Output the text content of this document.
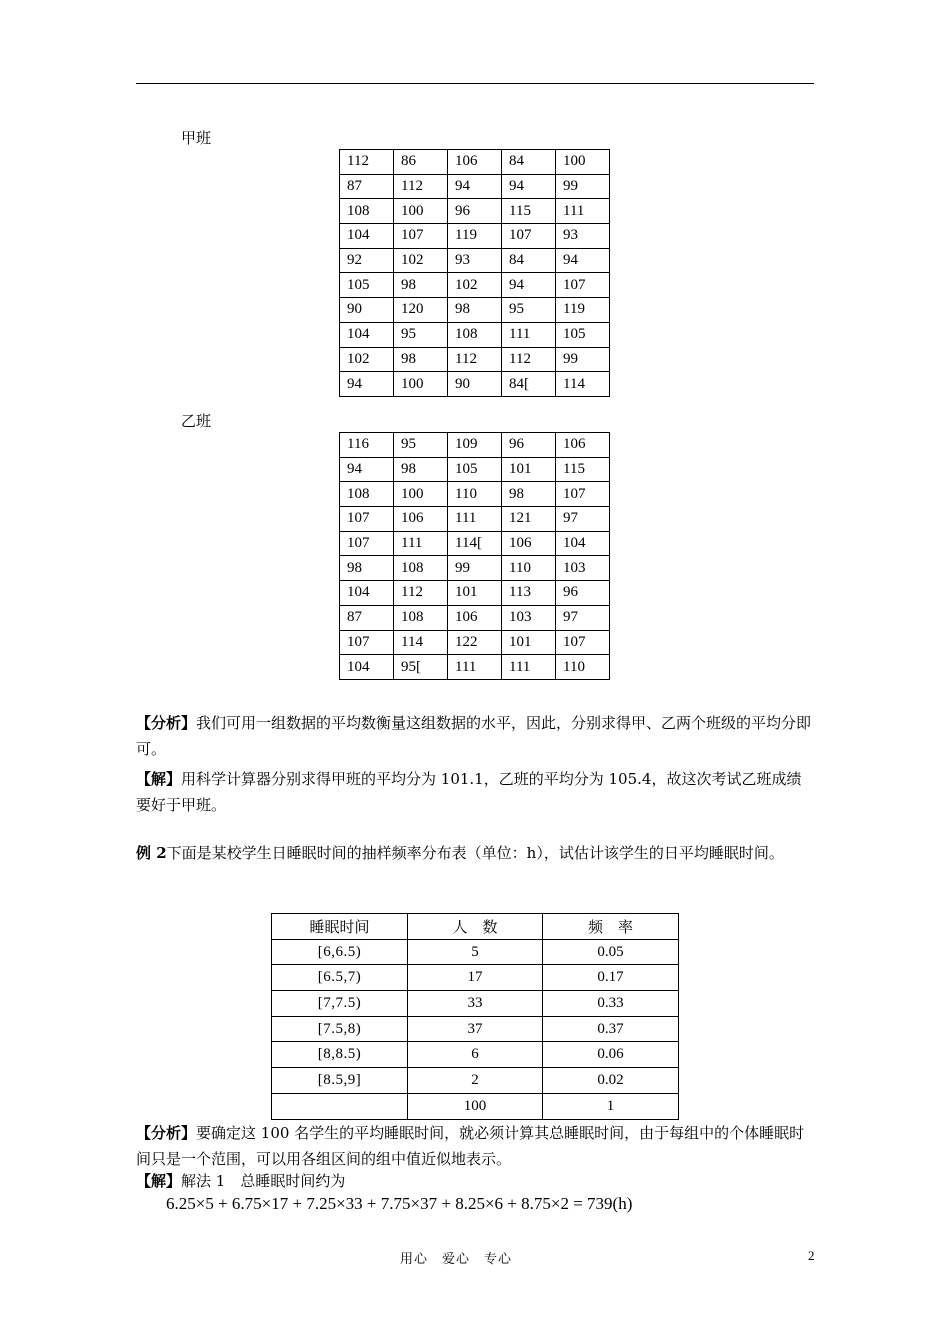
甲班
112	86	106	84	100
87	112	94	94	99
108	100	96	115	111
104	107	119	107	93
92	102	93	84	94
105	98	102	94	107
90	120	98	95	119
104	95	108	111	105
102	98	112	112	99
94	100	90	84[	114
乙班
116	95	109	96	106
94	98	105	101	115
108	100	110	98	107
107	106	111	121	97
107	111	114[	106	104
98	108	99	110	103
104	112	101	113	96
87	108	106	103	97
107	114	122	101	107
104	95[	111	111	110
【分析】我们可用一组数据的平均数衡量这组数据的水平，因此，分别求得甲、乙两个班级的平均分即可。
【解】用科学计算器分别求得甲班的平均分为 101.1，乙班的平均分为 105.4，故这次考试乙班成绩要好于甲班。
例 2下面是某校学生日睡眠时间的抽样频率分布表（单位：h），试估计该学生的日平均睡眠时间。
睡眠时间	人　数	频　率
[6,6.5)	5	0.05
[6.5,7)	17	0.17
[7,7.5)	33	0.33
[7.5,8)	37	0.37
[8,8.5)	6	0.06
[8.5,9]	2	0.02
	100	1
【分析】要确定这 100 名学生的平均睡眠时间，就必须计算其总睡眠时间，由于每组中的个体睡眠时间只是一个范围，可以用各组区间的组中值近似地表示。
【解】解法 1　总睡眠时间约为
6.25×5 + 6.75×17 + 7.25×33 + 7.75×37 + 8.25×6 + 8.75×2 = 739(h)
用心　爱心　专心	2
